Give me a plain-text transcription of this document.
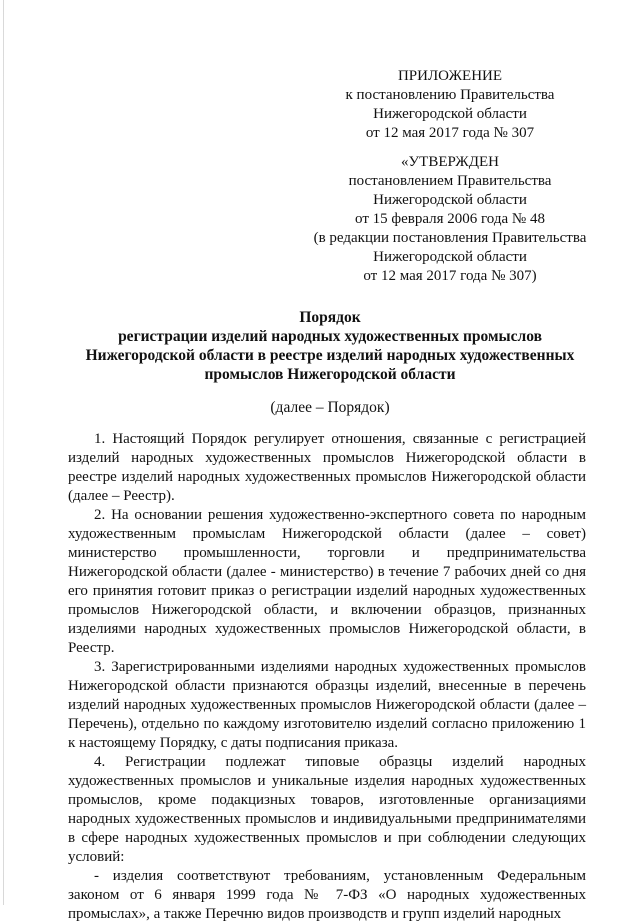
ПРИЛОЖЕНИЕ
к постановлению Правительства
Нижегородской области
от 12 мая 2017 года № 307
«УТВЕРЖДЕН
постановлением Правительства
Нижегородской области
от 15 февраля 2006 года № 48
(в редакции постановления Правительства
Нижегородской области
от 12 мая 2017 года № 307)
Порядок
регистрации изделий народных художественных промыслов
Нижегородской области в реестре изделий народных художественных
промыслов Нижегородской области
(далее – Порядок)

1. Настоящий Порядок регулирует отношения, связанные с регистрацией изделий народных художественных промыслов Нижегородской области в реестре изделий народных художественных промыслов Нижегородской области (далее – Реестр).

2. На основании решения художественно-экспертного совета по народным художественным промыслам Нижегородской области (далее – совет) министерство промышленности, торговли и предпринимательства Нижегородской области (далее - министерство) в течение 7 рабочих дней со дня его принятия готовит приказ о регистрации изделий народных художественных промыслов Нижегородской области, и включении образцов, признанных изделиями народных художественных промыслов Нижегородской области, в Реестр.

3. Зарегистрированными изделиями народных художественных промыслов Нижегородской области признаются образцы изделий, внесенные в перечень изделий народных художественных промыслов Нижегородской области (далее – Перечень), отдельно по каждому изготовителю изделий согласно приложению 1 к настоящему Порядку, с даты подписания приказа.

4. Регистрации подлежат типовые образцы изделий народных художественных промыслов и уникальные изделия народных художественных промыслов, кроме подакцизных товаров, изготовленные организациями народных художественных промыслов и индивидуальными предпринимателями в сфере народных художественных промыслов и при соблюдении следующих условий:

- изделия соответствуют требованиям, установленным Федеральным законом от 6 января 1999 года № 7-ФЗ «О народных художественных промыслах», а также Перечню видов производств и групп изделий народных
